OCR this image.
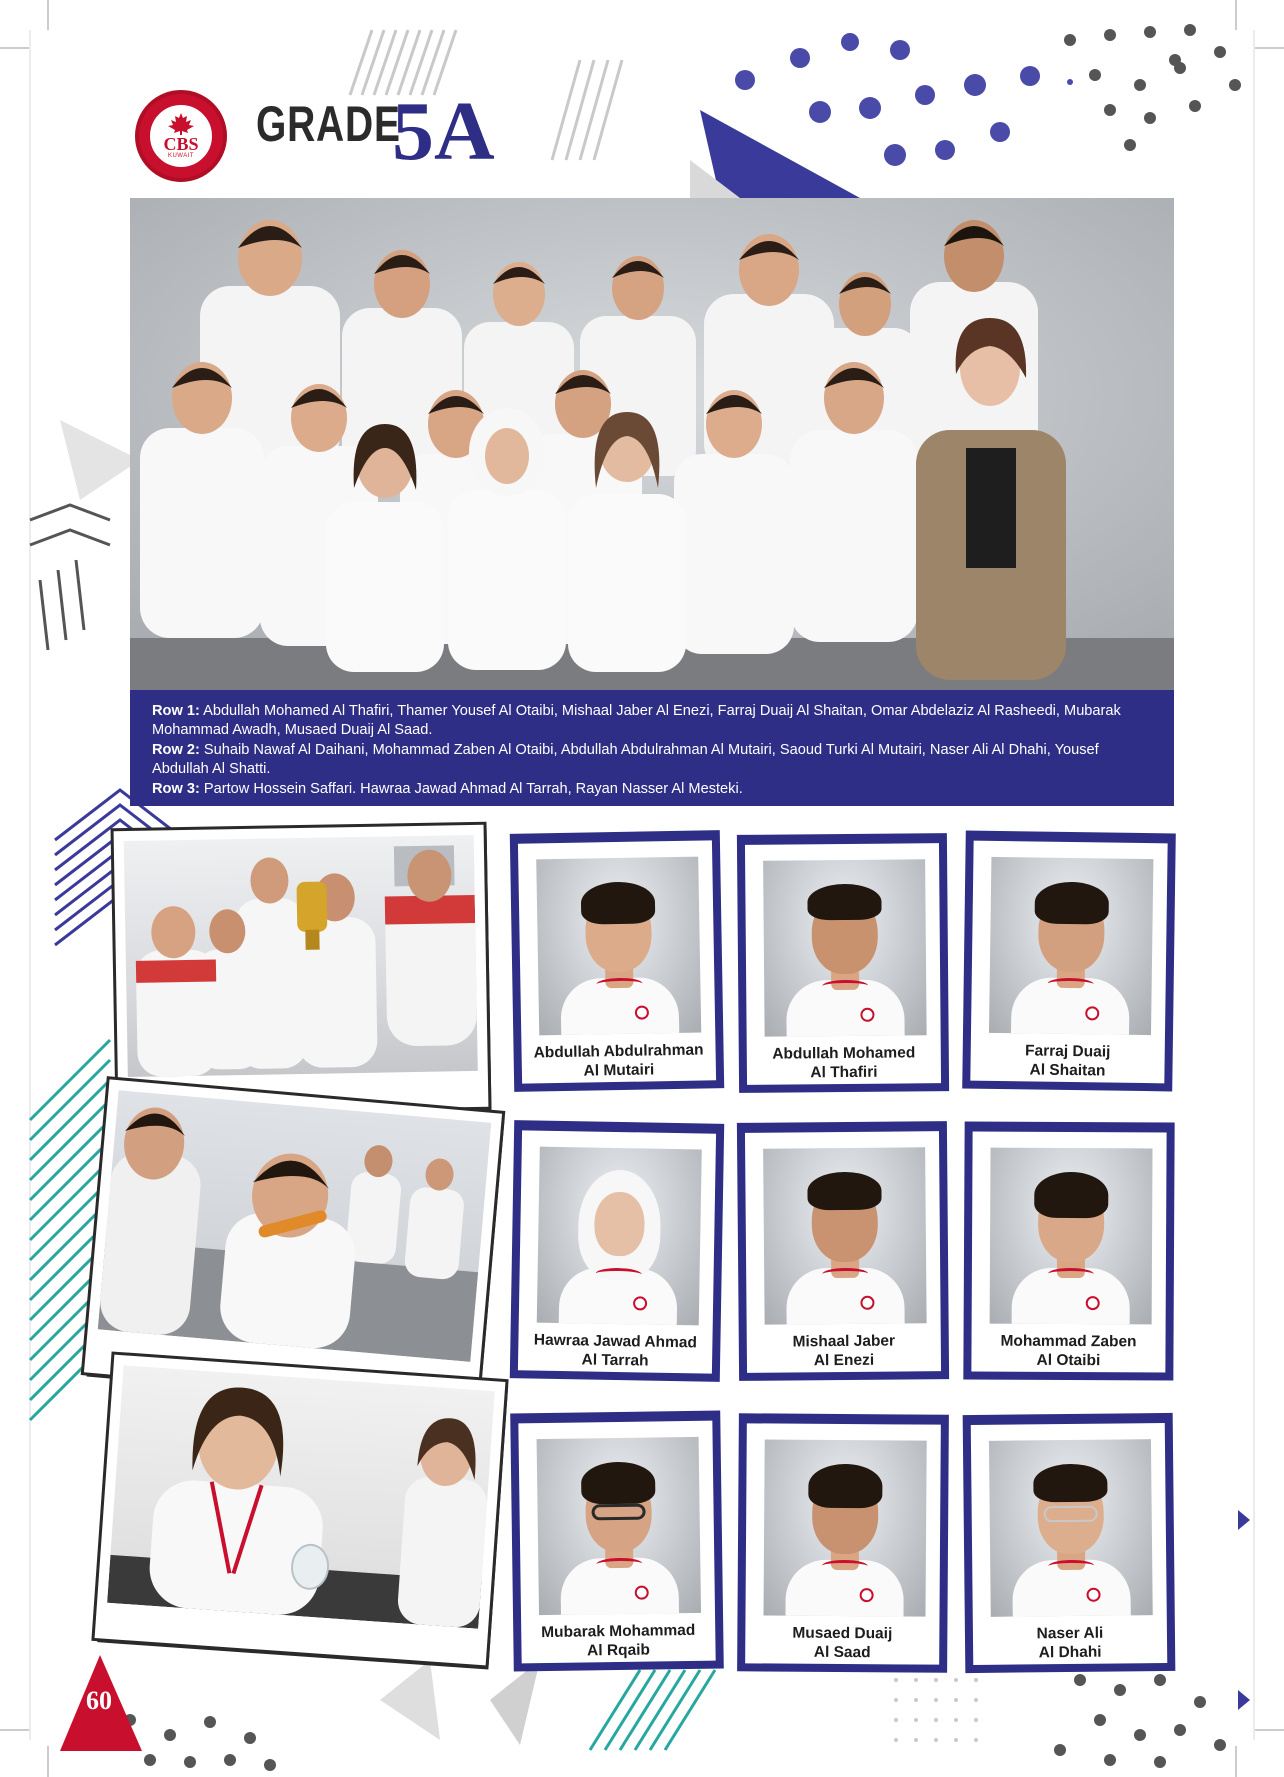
CBS
KUWAIT
GRADE
5A
Row 1: Abdullah Mohamed Al Thafiri, Thamer Yousef Al Otaibi, Mishaal Jaber Al Enezi, Farraj Duaij Al Shaitan, Omar Abdelaziz Al Rasheedi, Mubarak Mohammad Awadh, Musaed Duaij Al Saad.
Row 2: Suhaib Nawaf Al Daihani, Mohammad Zaben Al Otaibi, Abdullah Abdulrahman Al Mutairi, Saoud Turki Al Mutairi, Naser Ali Al Dhahi, Yousef Abdullah Al Shatti.
Row 3: Partow Hossein Saffari. Hawraa Jawad Ahmad Al Tarrah, Rayan Nasser Al Mesteki.
Abdullah Abdulrahman
Al Mutairi
Abdullah Mohamed
Al Thafiri
Farraj Duaij
Al Shaitan
Hawraa Jawad Ahmad
Al Tarrah
Mishaal Jaber
Al Enezi
Mohammad Zaben
Al Otaibi
Mubarak Mohammad
Al Rqaib
Musaed Duaij
Al Saad
Naser Ali
Al Dhahi
60
